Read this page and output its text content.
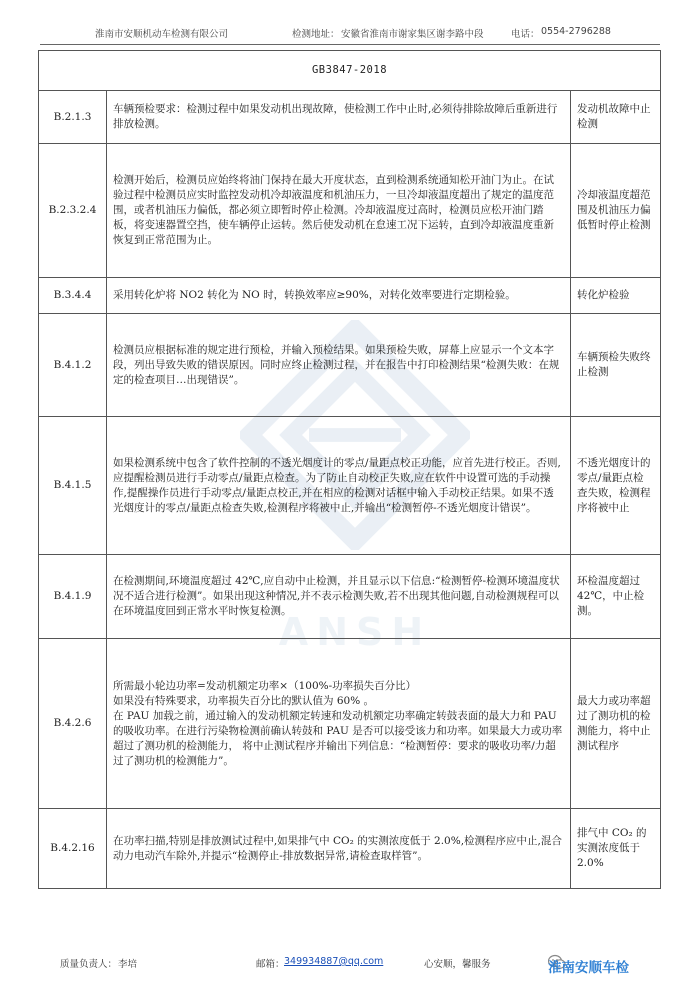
淮南市安顺机动车检测有限公司	检测地址： 安徽省淮南市谢家集区谢李路中段	电话： 0554-2796288
ANSH
GB3847-2018		
B.2.1.3	车辆预检要求：检测过程中如果发动机出现故障，使检测工作中止时,必须待排除故障后重新进行排放检测。	发动机故障中止检测
B.2.3.2.4	检测开始后，检测员应始终将油门保持在最大开度状态，直到检测系统通知松开油门为止。在试验过程中检测员应实时监控发动机冷却液温度和机油压力，一旦冷却液温度超出了规定的温度范围，或者机油压力偏低，都必须立即暂时停止检测。冷却液温度过高时，检测员应松开油门踏板，将变速器置空挡，使车辆停止运转。然后使发动机在怠速工况下运转，直到冷却液温度重新恢复到正常范围为止。	冷却液温度超范围及机油压力偏低暂时停止检测
B.3.4.4	采用转化炉将 NO2 转化为 NO 时，转换效率应≥90%，对转化效率要进行定期检验。	转化炉检验
B.4.1.2	检测员应根据标准的规定进行预检，并输入预检结果。如果预检失败，屏幕上应显示一个文本字段，列出导致失败的错误原因。同时应终止检测过程，并在报告中打印检测结果“检测失败：在规定的检查项目…出现错误”。	车辆预检失败终止检测
B.4.1.5	如果检测系统中包含了软件控制的不透光烟度计的零点/量距点校正功能，应首先进行校正。否则,应提醒检测员进行手动零点/量距点检查。为了防止自动校正失败,应在软件中设置可选的手动操作,提醒操作员进行手动零点/量距点校正,并在相应的检测对话框中输入手动校正结果。如果不透光烟度计的零点/量距点检查失败,检测程序将被中止,并输出“检测暂停-不透光烟度计错误”。	不透光烟度计的零点/量距点检查失败，检测程序将被中止
B.4.1.9	在检测期间,环境温度超过 42℃,应自动中止检测，并且显示以下信息:“检测暂停-检测环境温度状况不适合进行检测”。如果出现这种情况,并不表示检测失败,若不出现其他问题,自动检测规程可以在环境温度回到正常水平时恢复检测。	环检温度超过 42℃，中止检测。
B.4.2.6	所需最小轮边功率=发动机额定功率×（100%-功率损失百分比）

如果没有特殊要求，功率损失百分比的默认值为 60% 。

在 PAU 加载之前，通过输入的发动机额定转速和发动机额定功率确定转鼓表面的最大力和 PAU 的吸收功率。在进行污染物检测前确认转鼓和 PAU 是否可以接受该力和功率。如果最大力或功率超过了测功机的检测能力， 将中止测试程序并输出下列信息：“检测暂停：要求的吸收功率/力超过了测功机的检测能力”。	最大力或功率超过了测功机的检测能力，将中止测试程序
B.4.2.16	在功率扫描,特别是排放测试过程中,如果排气中 CO₂ 的实测浓度低于 2.0%,检测程序应中止,混合动力电动汽车除外,并提示“检测停止-排放数据异常,请检查取样管”。	排气中 CO₂ 的实测浓度低于 2.0%
质量负责人： 李培	邮箱： 349934887@qq.com	心安顺，馨服务	淮南安顺车检
